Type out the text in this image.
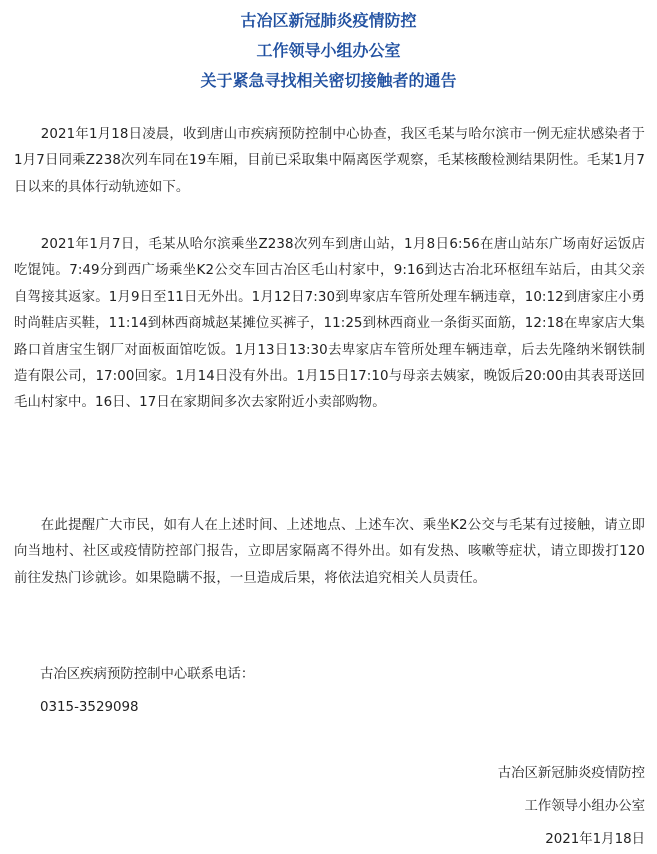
古冶区新冠肺炎疫情防控
工作领导小组办公室
关于紧急寻找相关密切接触者的通告

2021年1月18日凌晨，收到唐山市疾病预防控制中心协查，我区毛某与哈尔滨市一例无症状感染者于1月7日同乘Z238次列车同在19车厢，目前已采取集中隔离医学观察，毛某核酸检测结果阴性。毛某1月7日以来的具体行动轨迹如下。

2021年1月7日，毛某从哈尔滨乘坐Z238次列车到唐山站，1月8日6:56在唐山站东广场南好运饭店吃馄饨。7:49分到西广场乘坐K2公交车回古冶区毛山村家中，9:16到达古冶北环枢纽车站后，由其父亲自驾接其返家。1月9日至11日无外出。1月12日7:30到卑家店车管所处理车辆违章，10:12到唐家庄小勇时尚鞋店买鞋，11:14到林西商城赵某摊位买裤子，11:25到林西商业一条街买面筋，12:18在卑家店大集路口首唐宝生钢厂对面板面馆吃饭。1月13日13:30去卑家店车管所处理车辆违章，后去先隆纳米钢铁制造有限公司，17:00回家。1月14日没有外出。1月15日17:10与母亲去姨家，晚饭后20:00由其表哥送回毛山村家中。16日、17日在家期间多次去家附近小卖部购物。

在此提醒广大市民，如有人在上述时间、上述地点、上述车次、乘坐K2公交与毛某有过接触，请立即向当地村、社区或疫情防控部门报告，立即居家隔离不得外出。如有发热、咳嗽等症状，请立即拨打120前往发热门诊就诊。如果隐瞒不报，一旦造成后果，将依法追究相关人员责任。

古冶区疾病预防控制中心联系电话：
0315-3529098
古冶区新冠肺炎疫情防控
工作领导小组办公室
2021年1月18日
